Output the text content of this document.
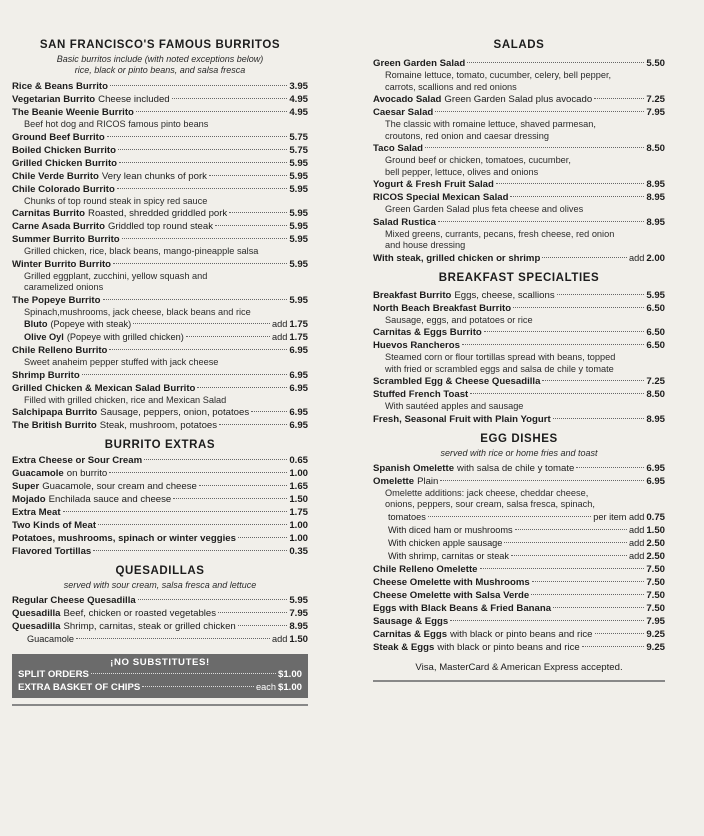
SAN FRANCISCO'S FAMOUS BURRITOS
Basic burritos include (with noted exceptions below)
rice, black or pinto beans, and salsa fresca
Rice & Beans Burrito	3.95
Vegetarian Burrito Cheese included	4.95
The Beanie Weenie Burrito	4.95
Beef hot dog and RICOS famous pinto beans
Ground Beef Burrito	5.75
Boiled Chicken Burrito	5.75
Grilled Chicken Burrito	5.95
Chile Verde Burrito Very lean chunks of pork	5.95
Chile Colorado Burrito	5.95
Chunks of top round steak in spicy red sauce
Carnitas Burrito Roasted, shredded griddled pork	5.95
Carne Asada Burrito Griddled top round steak	5.95
Summer Burrito Burrito	5.95
Grilled chicken, rice, black beans, mango-pineapple salsa
Winter Burrito Burrito	5.95
Grilled eggplant, zucchini, yellow squash and
caramelized onions
The Popeye Burrito	5.95
Spinach,mushrooms, jack cheese, black beans and rice
Bluto (Popeye with steak)	add 1.75
Olive Oyl (Popeye with grilled chicken)	add 1.75
Chile Relleno Burrito	6.95
Sweet anaheim pepper stuffed with jack cheese
Shrimp Burrito	6.95
Grilled Chicken & Mexican Salad Burrito	6.95
Filled with grilled chicken, rice and Mexican Salad
Salchipapa Burrito Sausage, peppers, onion, potatoes	6.95
The British Burrito Steak, mushroom, potatoes	6.95
BURRITO EXTRAS
Extra Cheese or Sour Cream	0.65
Guacamole on burrito	1.00
Super Guacamole, sour cream and cheese	1.65
Mojado Enchilada sauce and cheese	1.50
Extra Meat	1.75
Two Kinds of Meat	1.00
Potatoes, mushrooms, spinach or winter veggies	1.00
Flavored Tortillas	0.35
QUESADILLAS
served with sour cream, salsa fresca and lettuce
Regular Cheese Quesadilla	5.95
Quesadilla Beef, chicken or roasted vegetables	7.95
Quesadilla Shrimp, carnitas, steak or grilled chicken	8.95
Guacamole	add 1.50
¡NO SUBSTITUTES!
SPLIT ORDERS	$1.00
EXTRA BASKET OF CHIPS	each $1.00
SALADS
Green Garden Salad	5.50
Romaine lettuce, tomato, cucumber, celery, bell pepper,
carrots, scallions and red onions
Avocado Salad Green Garden Salad plus avocado	7.25
Caesar Salad	7.95
The classic with romaine lettuce, shaved parmesan,
croutons, red onion and caesar dressing
Taco Salad	8.50
Ground beef or chicken, tomatoes, cucumber,
bell pepper, lettuce, olives and onions
Yogurt & Fresh Fruit Salad	8.95
RICOS Special Mexican Salad	8.95
Green Garden Salad plus feta cheese and olives
Salad Rustica	8.95
Mixed greens, currants, pecans, fresh cheese, red onion
and house dressing
With steak, grilled chicken or shrimp	add 2.00
BREAKFAST SPECIALTIES
Breakfast Burrito Eggs, cheese, scallions	5.95
North Beach Breakfast Burrito	6.50
Sausage, eggs, and potatoes or rice
Carnitas & Eggs Burrito	6.50
Huevos Rancheros	6.50
Steamed corn or flour tortillas spread with beans, topped
with fried or scrambled eggs and salsa de chile y tomate
Scrambled Egg & Cheese Quesadilla	7.25
Stuffed French Toast	8.50
With sautéed apples and sausage
Fresh, Seasonal Fruit with Plain Yogurt	8.95
EGG DISHES
served with rice or home fries and toast
Spanish Omelette with salsa de chile y tomate	6.95
Omelette Plain	6.95
Omelette additions: jack cheese, cheddar cheese,
onions, peppers, sour cream, salsa fresca, spinach,
tomatoes	per item add 0.75
With diced ham or mushrooms	add 1.50
With chicken apple sausage	add 2.50
With shrimp, carnitas or steak	add 2.50
Chile Relleno Omelette	7.50
Cheese Omelette with Mushrooms	7.50
Cheese Omelette with Salsa Verde	7.50
Eggs with Black Beans & Fried Banana	7.50
Sausage & Eggs	7.95
Carnitas & Eggs with black or pinto beans and rice	9.25
Steak & Eggs with black or pinto beans and rice	9.25
Visa, MasterCard & American Express accepted.
